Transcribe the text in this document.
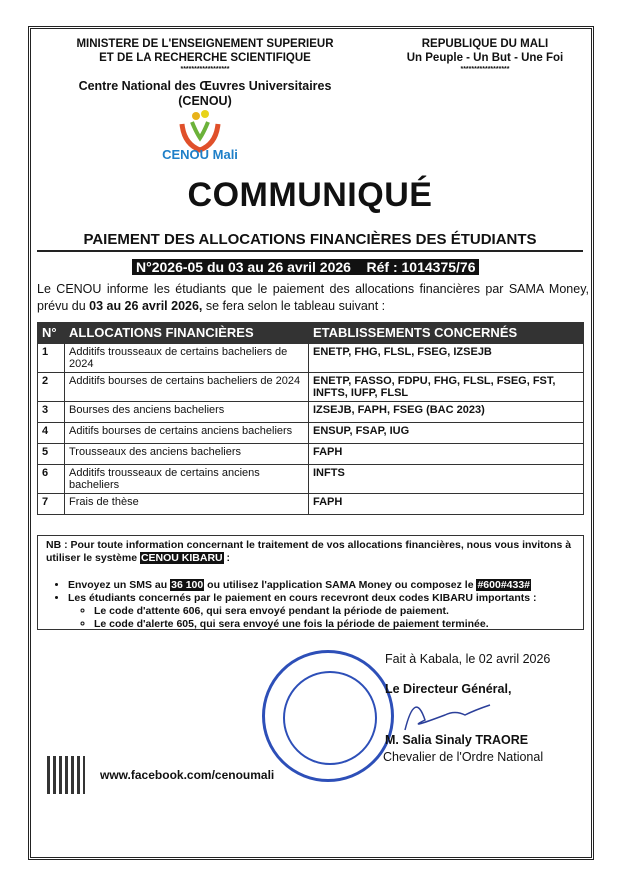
MINISTERE DE L'ENSEIGNEMENT SUPERIEUR
ET DE LA RECHERCHE SCIENTIFIQUE
******************
Centre National des Œuvres Universitaires
(CENOU)
REPUBLIQUE DU MALI
Un Peuple - Un But - Une Foi
******************
CENOU Mali
COMMUNIQUÉ
PAIEMENT DES ALLOCATIONS FINANCIÈRES DES ÉTUDIANTS
N°2026-05 du 03 au 26 avril 2026    Réf : 1014375/76
Le CENOU informe les étudiants que le paiement des allocations financières par SAMA Money, prévu du 03 au 26 avril 2026, se fera selon le tableau suivant :
N°	ALLOCATIONS FINANCIÈRES	ETABLISSEMENTS CONCERNÉS
1	Additifs trousseaux de certains bacheliers de 2024	ENETP, FHG, FLSL, FSEG, IZSEJB
2	Additifs bourses de certains bacheliers de 2024	ENETP, FASSO, FDPU, FHG, FLSL, FSEG, FST, INFTS, IUFP, FLSL
3	Bourses des anciens bacheliers	IZSEJB, FAPH, FSEG (BAC 2023)
4	Aditifs bourses de certains anciens bacheliers	ENSUP, FSAP, IUG
5	Trousseaux des anciens bacheliers	FAPH
6	Additifs trousseaux de certains anciens bacheliers	INFTS
7	Frais de thèse	FAPH
NB : Pour toute information concernant le traitement de vos allocations financières, nous vous invitons à utiliser le système CENOU KIBARU :
• Envoyez un SMS au 36 100 ou utilisez l'application SAMA Money ou composez le #600#433#
• Les étudiants concernés par le paiement en cours recevront deux codes KIBARU importants :
◦ Le code d'attente 606, qui sera envoyé pendant la période de paiement.
◦ Le code d'alerte 605, qui sera envoyé une fois la période de paiement terminée.
Fait à Kabala, le 02 avril 2026
Le Directeur Général,
M. Salia Sinaly TRAORE
Chevalier de l'Ordre National
www.facebook.com/cenoumali
